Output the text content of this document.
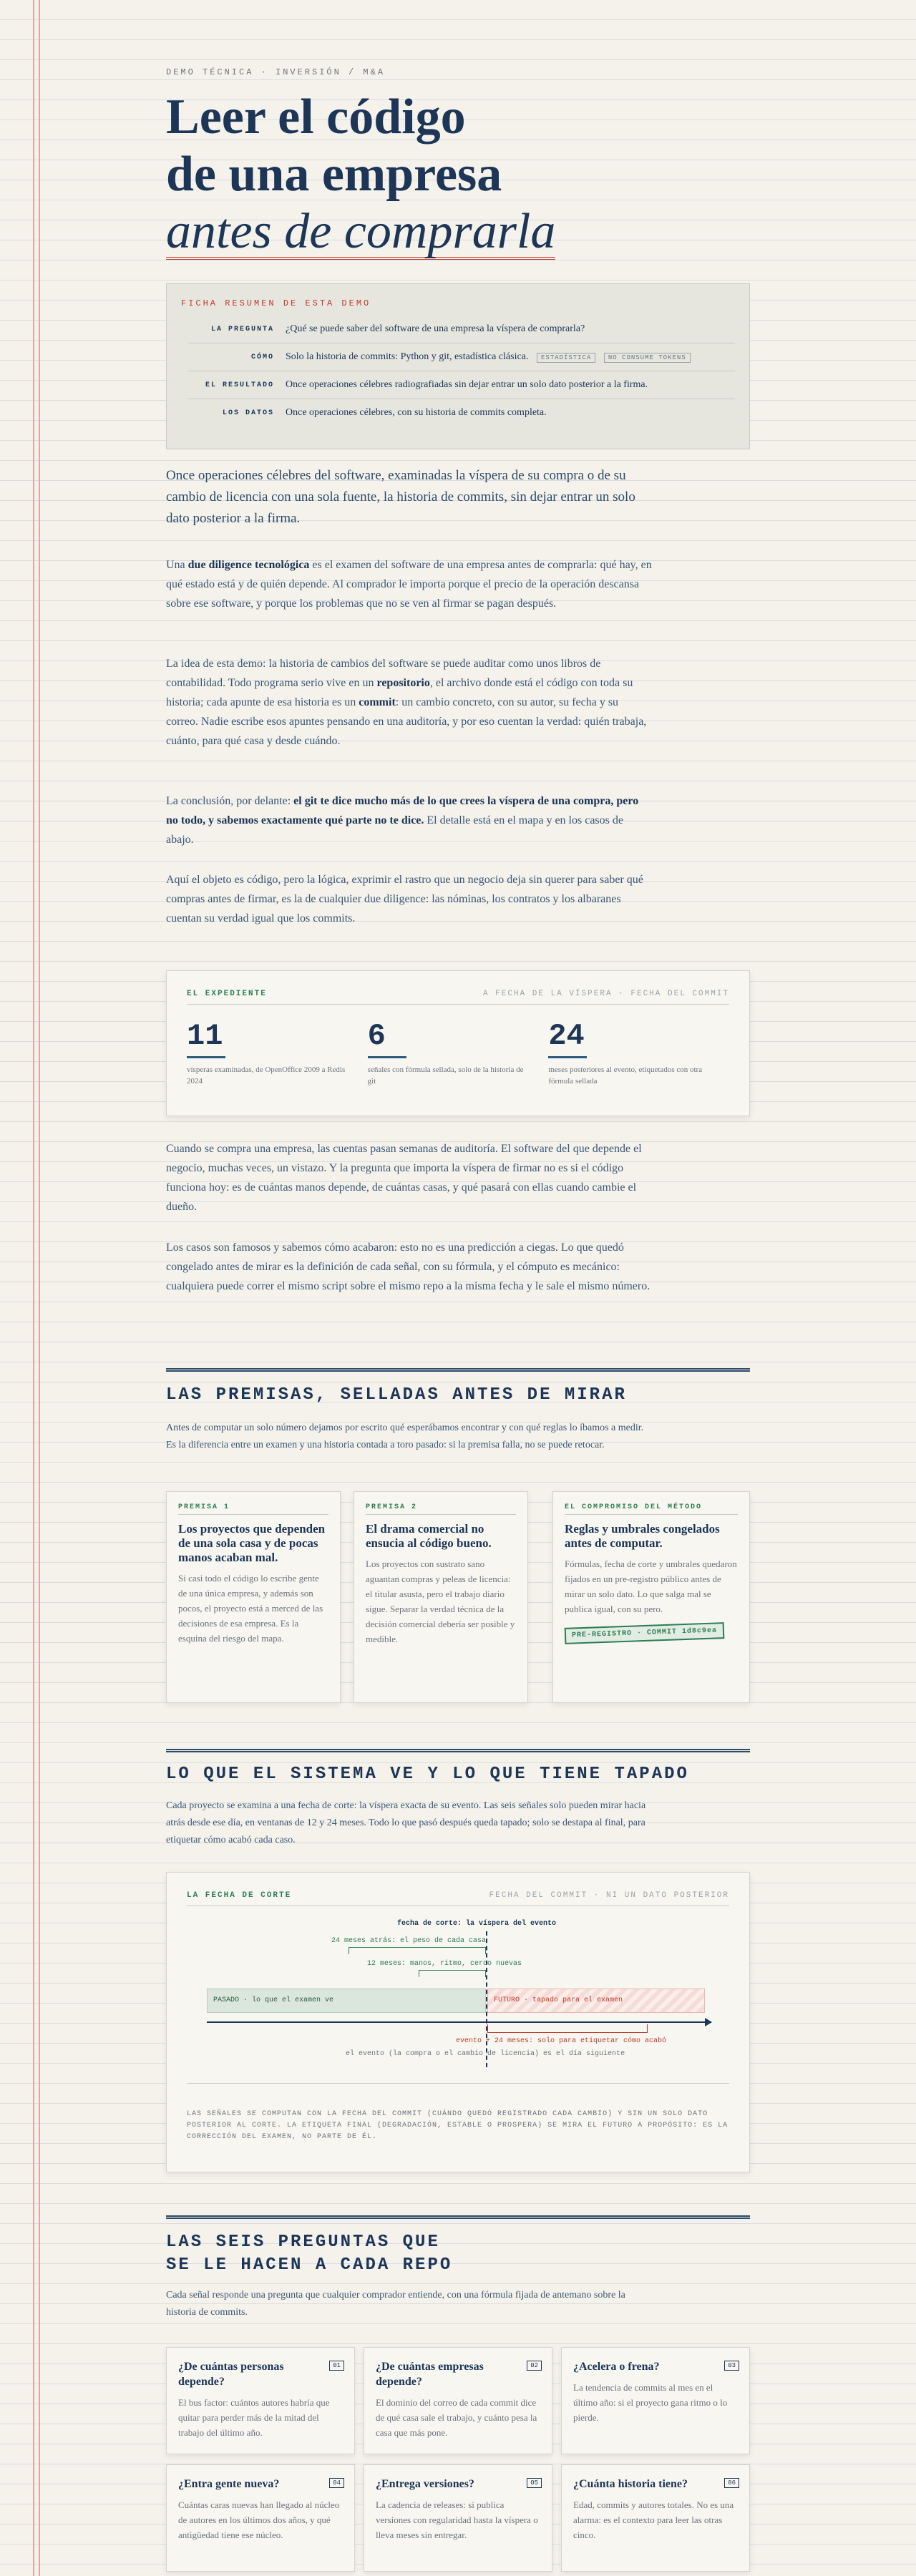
DEMO TÉCNICA · INVERSIÓN / M&A
Leer el código
de una empresa
antes de comprarla
FICHA RESUMEN DE ESTA DEMO
LA PREGUNTA ¿Qué se puede saber del software de una empresa la víspera de comprarla?
CÓMO Solo la historia de commits: Python y git, estadística clásica. ESTADÍSTICA	NO CONSUME TOKENS
EL RESULTADO Once operaciones célebres radiografiadas sin dejar entrar un solo dato posterior a la firma.
LOS DATOS Once operaciones célebres, con su historia de commits completa.

Once operaciones célebres del software, examinadas la víspera de su compra o de su cambio de licencia con una sola fuente, la historia de commits, sin dejar entrar un solo dato posterior a la firma.

Una due diligence tecnológica es el examen del software de una empresa antes de comprarla: qué hay, en qué estado está y de quién depende. Al comprador le importa porque el precio de la operación descansa sobre ese software, y porque los problemas que no se ven al firmar se pagan después.

La idea de esta demo: la historia de cambios del software se puede auditar como unos libros de contabilidad. Todo programa serio vive en un repositorio, el archivo donde está el código con toda su historia; cada apunte de esa historia es un commit: un cambio concreto, con su autor, su fecha y su correo. Nadie escribe esos apuntes pensando en una auditoría, y por eso cuentan la verdad: quién trabaja, cuánto, para qué casa y desde cuándo.

La conclusión, por delante: el git te dice mucho más de lo que crees la víspera de una compra, pero no todo, y sabemos exactamente qué parte no te dice. El detalle está en el mapa y en los casos de abajo.

Aquí el objeto es código, pero la lógica, exprimir el rastro que un negocio deja sin querer para saber qué compras antes de firmar, es la de cualquier due diligence: las nóminas, los contratos y los albaranes cuentan su verdad igual que los commits.

EL EXPEDIENTE	A FECHA DE LA VÍSPERA · FECHA DEL COMMIT
11
vísperas examinadas, de OpenOffice 2009 a Redis 2024
6
señales con fórmula sellada, solo de la historia de git
24
meses posteriores al evento, etiquetados con otra fórmula sellada

Cuando se compra una empresa, las cuentas pasan semanas de auditoría. El software del que depende el negocio, muchas veces, un vistazo. Y la pregunta que importa la víspera de firmar no es si el código funciona hoy: es de cuántas manos depende, de cuántas casas, y qué pasará con ellas cuando cambie el dueño.

Los casos son famosos y sabemos cómo acabaron: esto no es una predicción a ciegas. Lo que quedó congelado antes de mirar es la definición de cada señal, con su fórmula, y el cómputo es mecánico: cualquiera puede correr el mismo script sobre el mismo repo a la misma fecha y le sale el mismo número.

LAS PREMISAS, SELLADAS ANTES DE MIRAR

Antes de computar un solo número dejamos por escrito qué esperábamos encontrar y con qué reglas lo íbamos a medir. Es la diferencia entre un examen y una historia contada a toro pasado: si la premisa falla, no se puede retocar.

PREMISA 1
Los proyectos que dependen de una sola casa y de pocas manos acaban mal.
Si casi todo el código lo escribe gente de una única empresa, y además son pocos, el proyecto está a merced de las decisiones de esa empresa. Es la esquina del riesgo del mapa.
PREMISA 2
El drama comercial no ensucia al código bueno.
Los proyectos con sustrato sano aguantan compras y peleas de licencia: el titular asusta, pero el trabajo diario sigue. Separar la verdad técnica de la decisión comercial debería ser posible y medible.
EL COMPROMISO DEL MÉTODO
Reglas y umbrales congelados antes de computar.
Fórmulas, fecha de corte y umbrales quedaron fijados en un pre-registro público antes de mirar un solo dato. Lo que salga mal se publica igual, con su pero.
PRE-REGISTRO · COMMIT 1d8c9ea
LO QUE EL SISTEMA VE Y LO QUE TIENE TAPADO

Cada proyecto se examina a una fecha de corte: la víspera exacta de su evento. Las seis señales solo pueden mirar hacia atrás desde ese día, en ventanas de 12 y 24 meses. Todo lo que pasó después queda tapado; solo se destapa al final, para etiquetar cómo acabó cada caso.

LA FECHA DE CORTE	FECHA DEL COMMIT · NI UN DATO POSTERIOR
fecha de corte: la víspera del evento
24 meses atrás: el peso de cada casa
12 meses: manos, ritmo, cerco nuevas
PASADO · lo que el examen ve	FUTURO · tapado para el examen
evento + 24 meses: solo para etiquetar cómo acabó
el evento (la compra o el cambio de licencia) es el día siguiente
LAS SEÑALES SE COMPUTAN CON LA FECHA DEL COMMIT (CUÁNDO QUEDÓ REGISTRADO CADA CAMBIO) Y SIN UN SOLO DATO POSTERIOR AL CORTE. LA ETIQUETA FINAL (DEGRADACIÓN, ESTABLE O PROSPERA) SE MIRA EL FUTURO A PROPÓSITO: ES LA CORRECCIÓN DEL EXAMEN, NO PARTE DE ÉL.
LAS SEIS PREGUNTAS QUE
SE LE HACEN A CADA REPO

Cada señal responde una pregunta que cualquier comprador entiende, con una fórmula fijada de antemano sobre la historia de commits.

¿De cuántas personas depende?
01
El bus factor: cuántos autores habría que quitar para perder más de la mitad del trabajo del último año.
¿De cuántas empresas depende?
02
El dominio del correo de cada commit dice de qué casa sale el trabajo, y cuánto pesa la casa que más pone.
¿Acelera o frena?	03
La tendencia de commits al mes en el último año: si el proyecto gana ritmo o lo pierde.
¿Entra gente nueva?	04
Cuántas caras nuevas han llegado al núcleo de autores en los últimos dos años, y qué antigüedad tiene ese núcleo.
¿Entrega versiones?	05
La cadencia de releases: si publica versiones con regularidad hasta la víspera o lleva meses sin entregar.
¿Cuánta historia tiene?	06
Edad, commits y autores totales. No es una alarma: es el contexto para leer las otras cinco.
